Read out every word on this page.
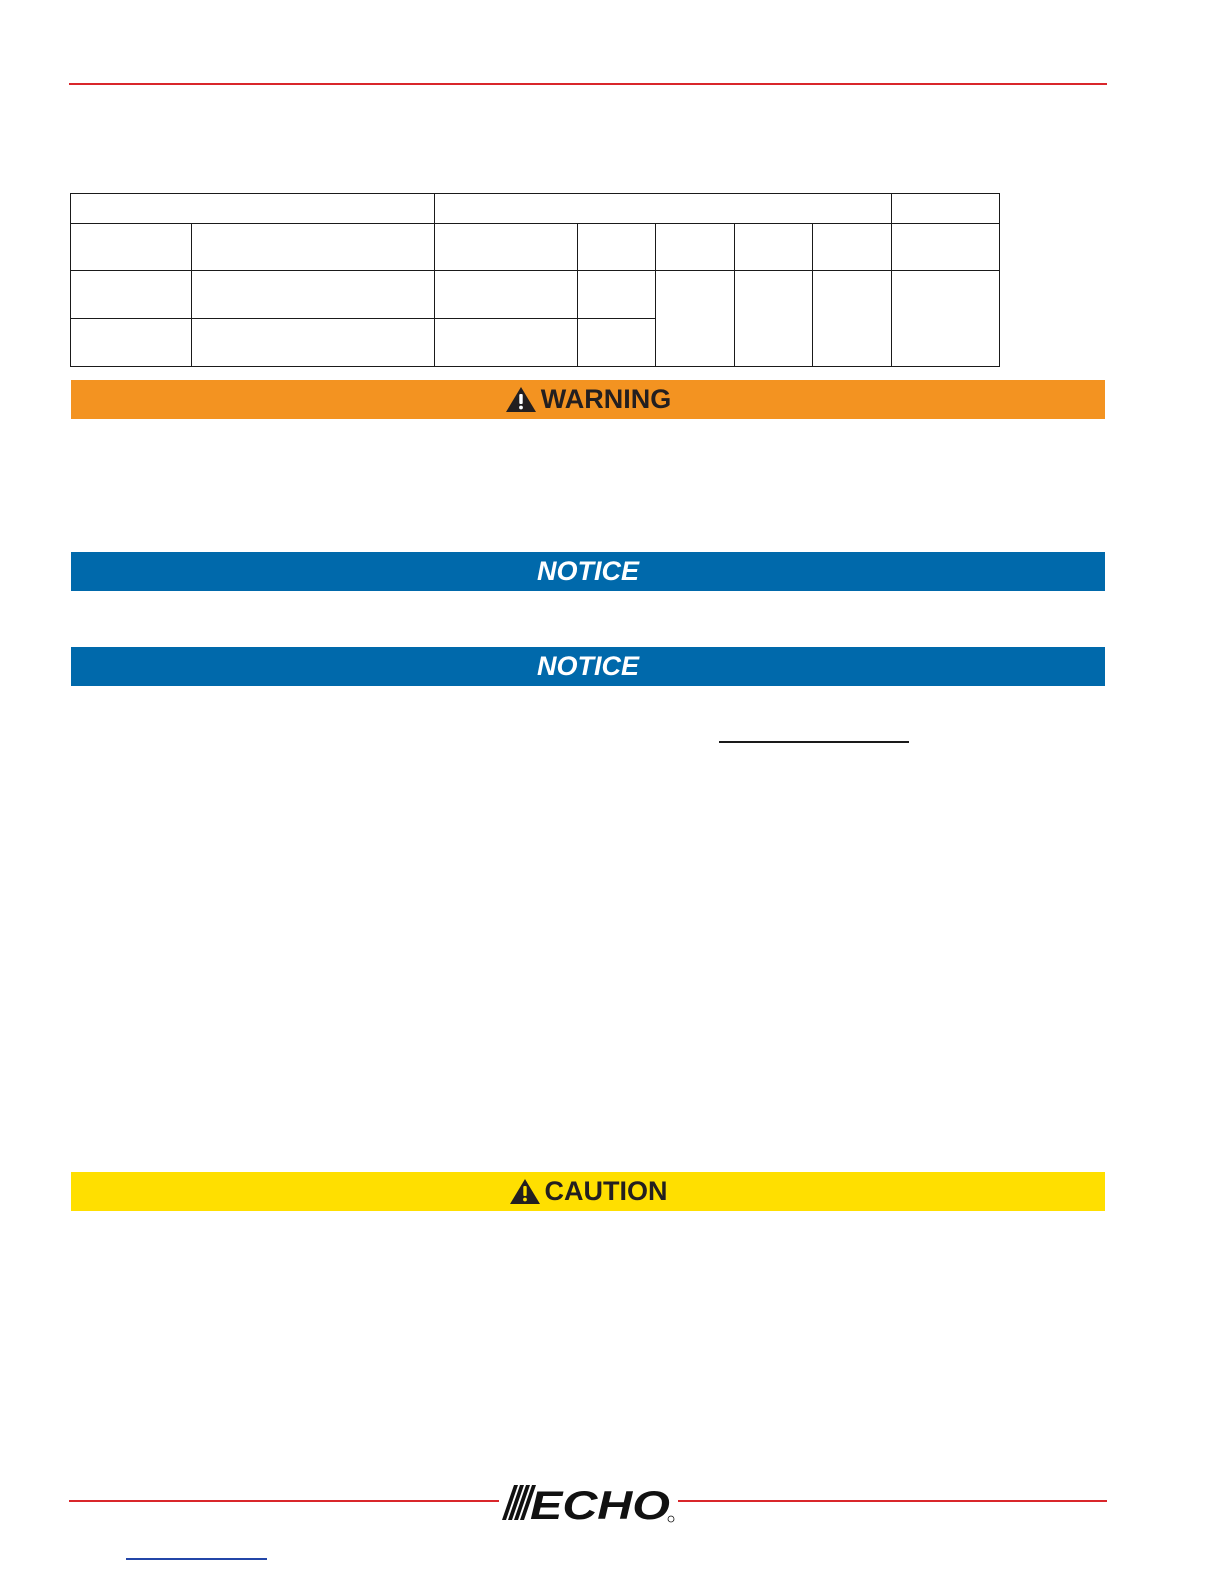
WARNING
NOTICE
NOTICE
CAUTION
ECHO
